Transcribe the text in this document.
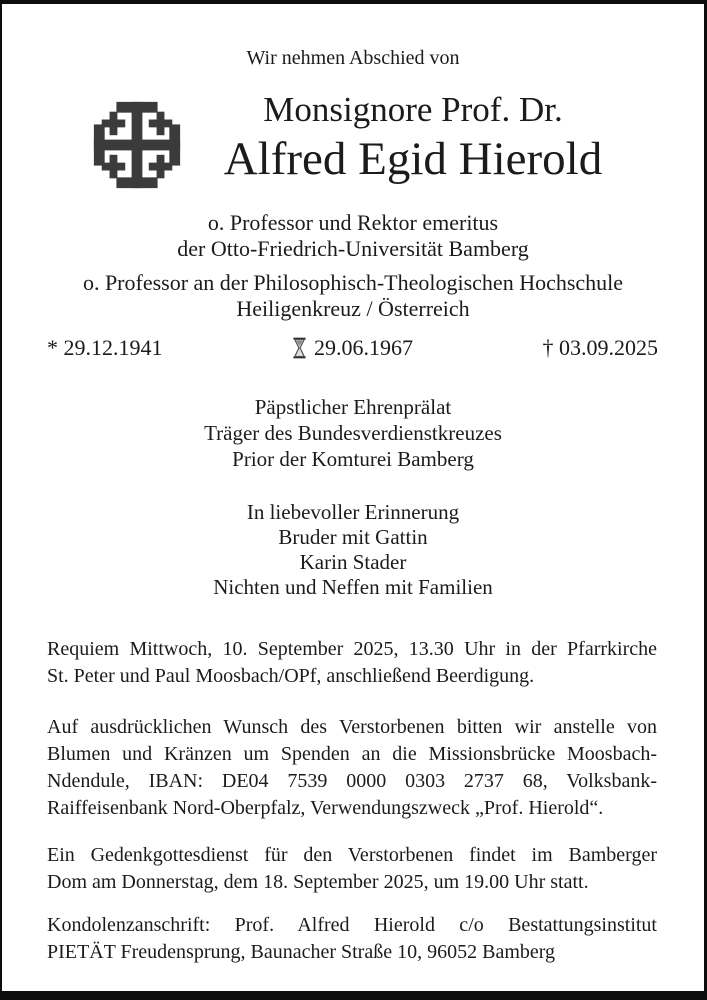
Wir nehmen Abschied von
Monsignore Prof. Dr.
Alfred Egid Hierold
o. Professor und Rektor emeritus
der Otto-Friedrich-Universität Bamberg
o. Professor an der Philosophisch-Theologischen Hochschule
Heiligenkreuz / Österreich
* 29.12.1941	29.06.1967	† 03.09.2025
Päpstlicher Ehrenprälat
Träger des Bundesverdienstkreuzes
Prior der Komturei Bamberg
In liebevoller Erinnerung
Bruder mit Gattin
Karin Stader
Nichten und Neffen mit Familien
Requiem Mittwoch, 10. September 2025, 13.30 Uhr in der Pfarrkirche
St. Peter und Paul Moosbach/OPf, anschließend Beerdigung.
Auf ausdrücklichen Wunsch des Verstorbenen bitten wir anstelle von
Blumen und Kränzen um Spenden an die Missionsbrücke Moosbach-
Ndendule, IBAN: DE04 7539 0000 0303 2737 68, Volksbank-
Raiffeisenbank Nord-Oberpfalz, Verwendungszweck „Prof. Hierold“.
Ein Gedenkgottesdienst für den Verstorbenen findet im Bamberger
Dom am Donnerstag, dem 18. September 2025, um 19.00 Uhr statt.
Kondolenzanschrift: Prof. Alfred Hierold c/o Bestattungsinstitut
PIETÄT Freudensprung, Baunacher Straße 10, 96052 Bamberg
